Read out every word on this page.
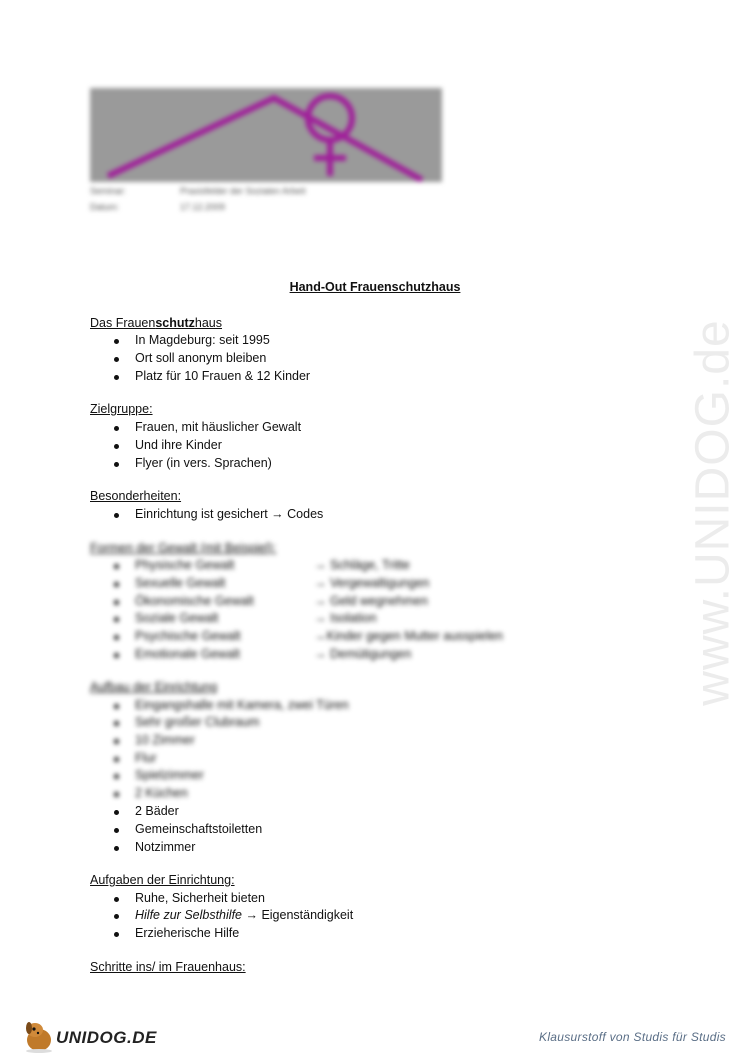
Seminar:	Praxisfelder der Sozialen Arbeit
Datum:	17.12.2009
www.UNIDOG.de
Hand-Out Frauenschutzhaus
Das Frauenschutzhaus
In Magdeburg: seit 1995
Ort soll anonym bleiben
Platz für 10 Frauen & 12 Kinder
Zielgruppe:
Frauen, mit häuslicher Gewalt
Und ihre Kinder
Flyer (in vers. Sprachen)
Besonderheiten:
Einrichtung ist gesichert → Codes
Formen der Gewalt (mit Beispiel):
Physische Gewalt	→ Schläge, Tritte
Sexuelle Gewalt	→ Vergewaltigungen
Ökonomische Gewalt	→ Geld wegnehmen
Soziale Gewalt	→ Isolation
Psychische Gewalt	→Kinder gegen Mutter ausspielen
Emotionale Gewalt	→ Demütigungen
Aufbau der Einrichtung
Eingangshalle mit Kamera, zwei Türen
Sehr großer Clubraum
10 Zimmer
Flur
Spielzimmer
2 Küchen
2 Bäder
Gemeinschaftstoiletten
Notzimmer
Aufgaben der Einrichtung:
Ruhe, Sicherheit bieten
Hilfe zur Selbsthilfe → Eigenständigkeit
Erzieherische Hilfe
Schritte ins/ im Frauenhaus:
UNIDOG.DE	Klausurstoff von Studis für Studis
